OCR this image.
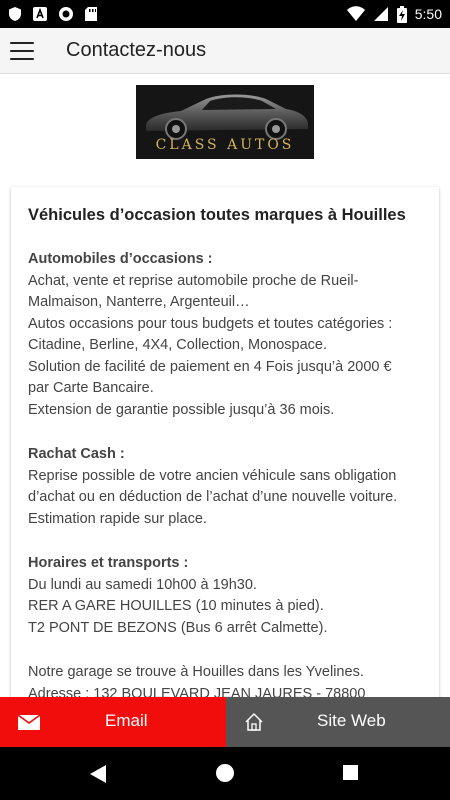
5:50
Contactez-nous
CLASS AUTOS
Véhicules d’occasion toutes marques à Houilles
Automobiles d’occasions :

Achat, vente et reprise automobile proche de Rueil-

Malmaison, Nanterre, Argenteuil…

Autos occasions pour tous budgets et toutes catégories :

Citadine, Berline, 4X4, Collection, Monospace.

Solution de facilité de paiement en 4 Fois jusqu’à 2000 €

par Carte Bancaire.

Extension de garantie possible jusqu’à 36 mois.

Rachat Cash :

Reprise possible de votre ancien véhicule sans obligation

d’achat ou en déduction de l’achat d’une nouvelle voiture.

Estimation rapide sur place.

Horaires et transports :

Du lundi au samedi 10h00 à 19h30.

RER A GARE HOUILLES (10 minutes à pied).

T2 PONT DE BEZONS (Bus 6 arrêt Calmette).

Notre garage se trouve à Houilles dans les Yvelines.

Adresse : 132 BOULEVARD JEAN JAURES - 78800

Email	Site Web
